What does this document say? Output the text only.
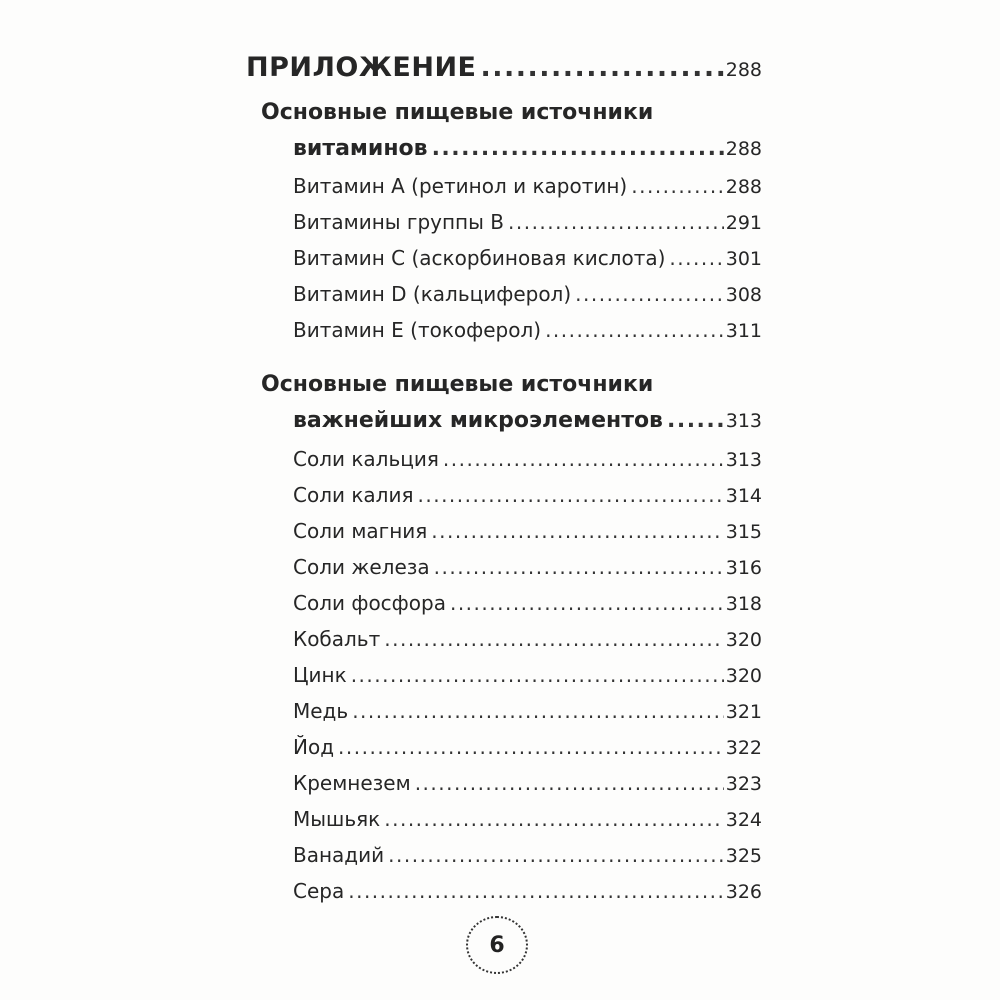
ПРИЛОЖЕНИЕ .....	288
Основные пищевые источники
витаминов .....	288
Витамин А (ретинол и каротин) .....	288
Витамины группы В .....	291
Витамин С (аскорбиновая кислота) .....	301
Витамин D (кальциферол) .....	308
Витамин Е (токоферол) .....	311
Основные пищевые источники
важнейших микроэлементов .....	313
Соли кальция .....	313
Соли калия .....	314
Соли магния .....	315
Соли железа .....	316
Соли фосфора .....	318
Кобальт .....	320
Цинк .....	320
Медь .....	321
Йод .....	322
Кремнезем .....	323
Мышьяк .....	324
Ванадий .....	325
Сера .....	326
6
